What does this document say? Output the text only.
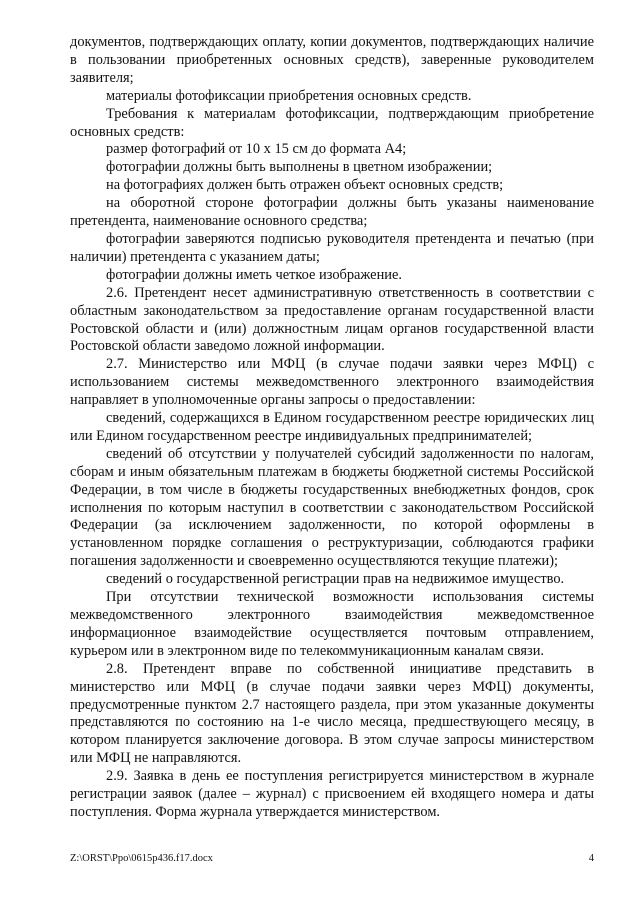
документов, подтверждающих оплату, копии документов, подтверждающих наличие в пользовании приобретенных основных средств), заверенные руководителем заявителя;

материалы фотофиксации приобретения основных средств.

Требования к материалам фотофиксации, подтверждающим приобретение основных средств:

размер фотографий от 10 х 15 см до формата А4;

фотографии должны быть выполнены в цветном изображении;

на фотографиях должен быть отражен объект основных средств;

на оборотной стороне фотографии должны быть указаны наименование претендента, наименование основного средства;

фотографии заверяются подписью руководителя претендента и печатью (при наличии) претендента с указанием даты;

фотографии должны иметь четкое изображение.

2.6. Претендент несет административную ответственность в соответствии с областным законодательством за предоставление органам государственной власти Ростовской области и (или) должностным лицам органов государственной власти Ростовской области заведомо ложной информации.

2.7. Министерство или МФЦ (в случае подачи заявки через МФЦ) с использованием системы межведомственного электронного взаимодействия направляет в уполномоченные органы запросы о предоставлении:

сведений, содержащихся в Едином государственном реестре юридических лиц или Едином государственном реестре индивидуальных предпринимателей;

сведений об отсутствии у получателей субсидий задолженности по налогам, сборам и иным обязательным платежам в бюджеты бюджетной системы Российской Федерации, в том числе в бюджеты государственных внебюджетных фондов, срок исполнения по которым наступил в соответствии с законодательством Российской Федерации (за исключением задолженности, по которой оформлены в установленном порядке соглашения о реструктуризации, соблюдаются графики погашения задолженности и своевременно осуществляются текущие платежи);

сведений о государственной регистрации прав на недвижимое имущество.

При отсутствии технической возможности использования системы межведомственного электронного взаимодействия межведомственное информационное взаимодействие осуществляется почтовым отправлением, курьером или в электронном виде по телекоммуникационным каналам связи.

2.8. Претендент вправе по собственной инициативе представить в министерство или МФЦ (в случае подачи заявки через МФЦ) документы, предусмотренные пунктом 2.7 настоящего раздела, при этом указанные документы представляются по состоянию на 1-е число месяца, предшествующего месяцу, в котором планируется заключение договора. В этом случае запросы министерством или МФЦ не направляются.

2.9. Заявка в день ее поступления регистрируется министерством в журнале регистрации заявок (далее – журнал) с присвоением ей входящего номера и даты поступления. Форма журнала утверждается министерством.

Z:\ORST\Ppo\0615p436.f17.docx	4
